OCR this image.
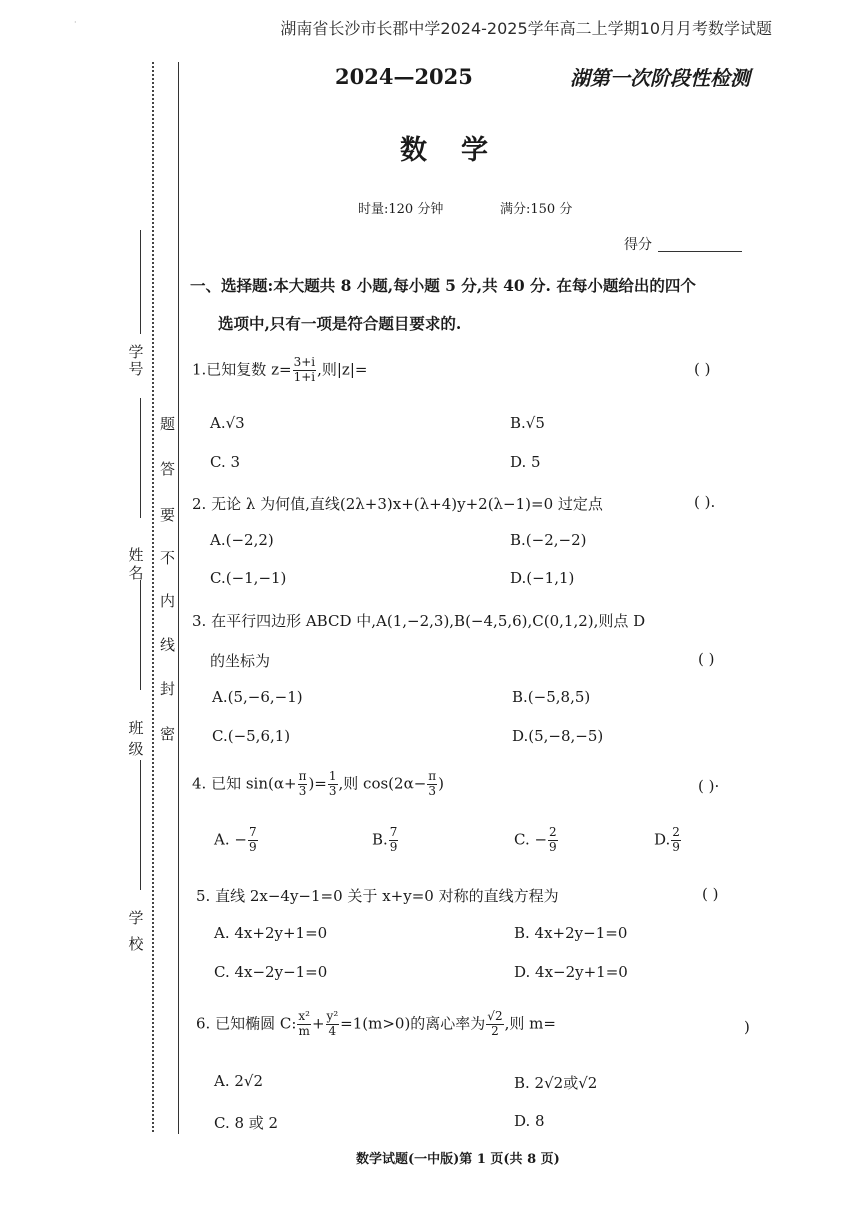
·	湖南省长沙市长郡中学2024-2025学年高二上学期10月月考数学试题
题
答
要
不
内
线
封
密
学号
姓名
班级
学校
2024—2025	湖第一次阶段性检测
数学
时量:120 分钟	满分:150 分
得分
一、选择题:本大题共 8 小题,每小题 5 分,共 40 分. 在每小题给出的四个
选项中,只有一项是符合题目要求的.
1.已知复数 $z= \frac{3+i}{1+i}$ ,则|z|=	( )
A.√3	B.√5
C. 3	D. 5
2. 无论 λ 为何值,直线(2λ+3)x+(λ+4)y+2(λ−1)=0 过定点	( ).
A.(−2,2)	B.(−2,−2)
C.(−1,−1)	D.(−1,1)
3. 在平行四边形 ABCD 中,A(1,−2,3),B(−4,5,6),C(0,1,2),则点 D
的坐标为	( )
A.(5,−6,−1)	B.(−5,8,5)
C.(−5,6,1)	D.(5,−8,−5)
4. 已知 $\sin(\alpha+ \frac{\pi}{3}$ )= $\frac{1}{3}$ ,则 $\cos(2\alpha- \frac{\pi}{3}$ )	( )·
A. − $\frac{7}{9}$	B. $\frac{7}{9}$	C. − $\frac{2}{9}$	D. $\frac{2}{9}$
5. 直线 2x−4y−1=0 关于 x+y=0 对称的直线方程为	( )
A. 4x+2y+1=0	B. 4x+2y−1=0
C. 4x−2y−1=0	D. 4x−2y+1=0
6. 已知椭圆 C: $\frac{\text{x²}}{m} + \frac{\text{y²}}{4} =1(m>0)$的离心率为 $\frac{√2}{2}$ ,则 m=	)
A. 2√2	B. 2√2或√2
C. 8 或 2	D. 8
数学试题(一中版)第 1 页(共 8 页)
